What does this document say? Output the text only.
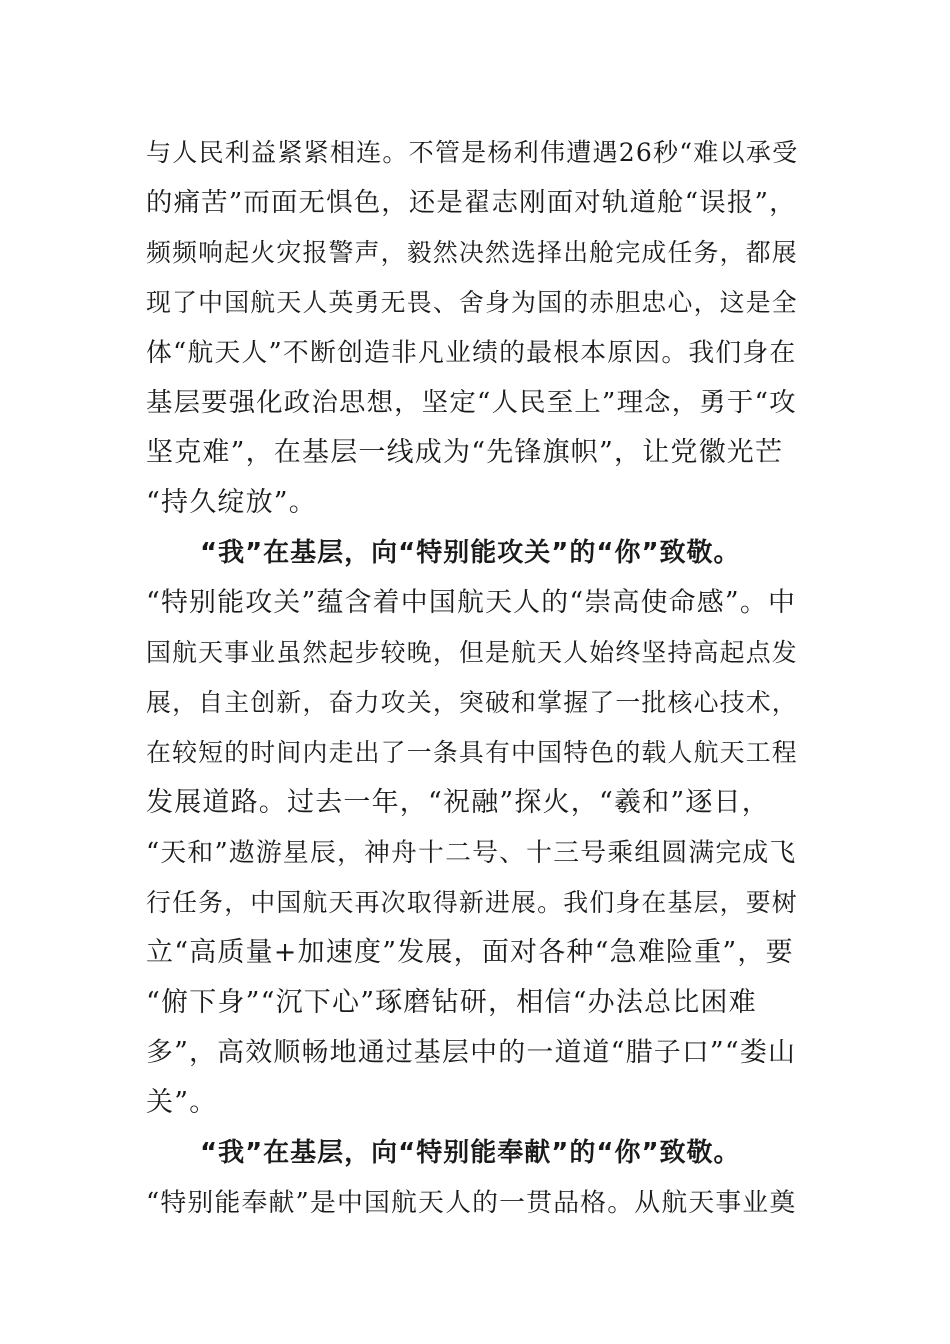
与人民利益紧紧相连。不管是杨利伟遭遇26秒“难以承受
的痛苦”而面无惧色，还是翟志刚面对轨道舱“误报”，
频频响起火灾报警声，毅然决然选择出舱完成任务，都展
现了中国航天人英勇无畏、舍身为国的赤胆忠心，这是全
体“航天人”不断创造非凡业绩的最根本原因。我们身在
基层要强化政治思想，坚定“人民至上”理念，勇于“攻
坚克难”，在基层一线成为“先锋旗帜”，让党徽光芒
“持久绽放”。
“我”在基层，向“特别能攻关”的“你”致敬。
“特别能攻关”蕴含着中国航天人的“崇高使命感”。中
国航天事业虽然起步较晚，但是航天人始终坚持高起点发
展，自主创新，奋力攻关，突破和掌握了一批核心技术，
在较短的时间内走出了一条具有中国特色的载人航天工程
发展道路。过去一年，“祝融”探火，“羲和”逐日，
“天和”遨游星辰，神舟十二号、十三号乘组圆满完成飞
行任务，中国航天再次取得新进展。我们身在基层，要树
立“高质量+加速度”发展，面对各种“急难险重”，要
“俯下身”“沉下心”琢磨钻研，相信“办法总比困难
多”，高效顺畅地通过基层中的一道道“腊子口”“娄山
关”。
“我”在基层，向“特别能奉献”的“你”致敬。
“特别能奉献”是中国航天人的一贯品格。从航天事业奠
